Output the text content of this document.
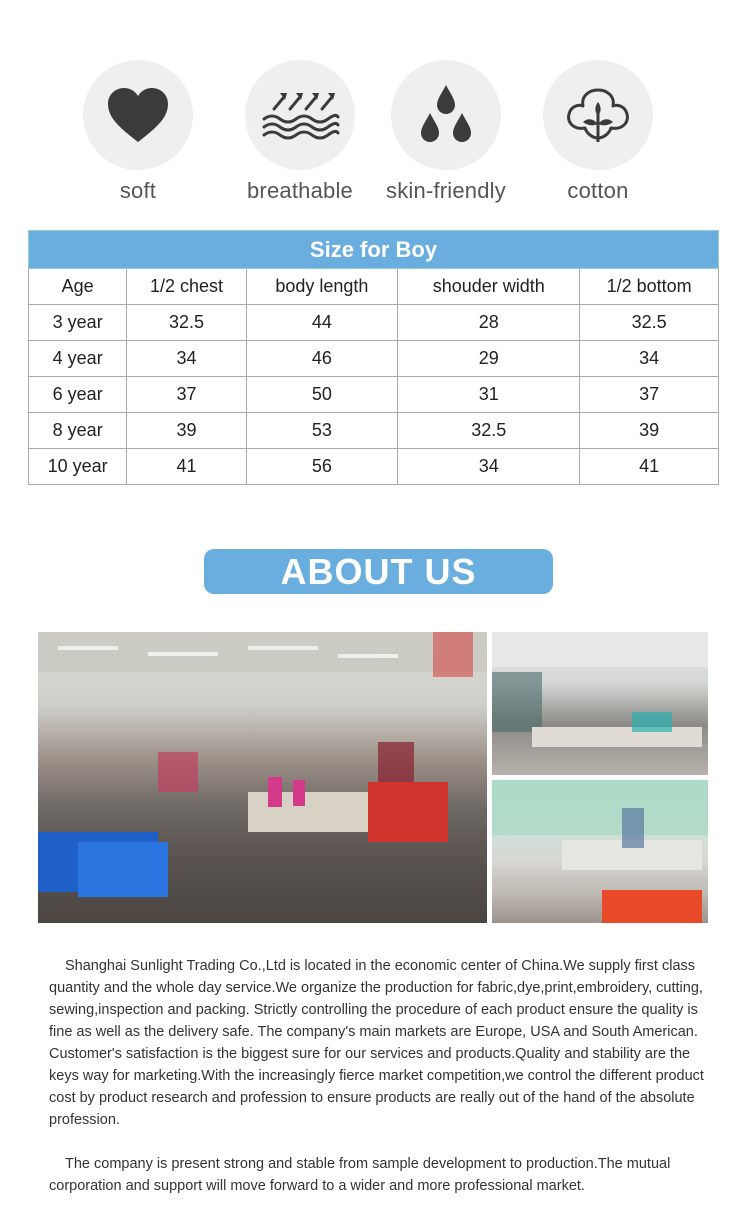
soft	breathable	skin-friendly	cotton
Size for Boy				
Age	1/2 chest	body length	shouder width	1/2 bottom
3 year	32.5	44	28	32.5
4 year	34	46	29	34
6 year	37	50	31	37
8 year	39	53	32.5	39
10 year	41	56	34	41
ABOUT US

Shanghai Sunlight Trading Co.,Ltd is located in the economic center of China.We supply first class quantity and the whole day service.We organize the production for fabric,dye,print,embroidery, cutting, sewing,inspection and packing. Strictly controlling the procedure of each product ensure the quality is fine as well as the delivery safe. The company's main markets are Europe, USA and South American. Customer's satisfaction is the biggest sure for our services and products.Quality and stability are the keys way for marketing.With the increasingly fierce market competition,we control the different product cost by product research and profession to ensure products are really out of the hand of the absolute profession.

The company is present strong and stable from sample development to production.The mutual corporation and support will move forward to a wider and more professional market.
